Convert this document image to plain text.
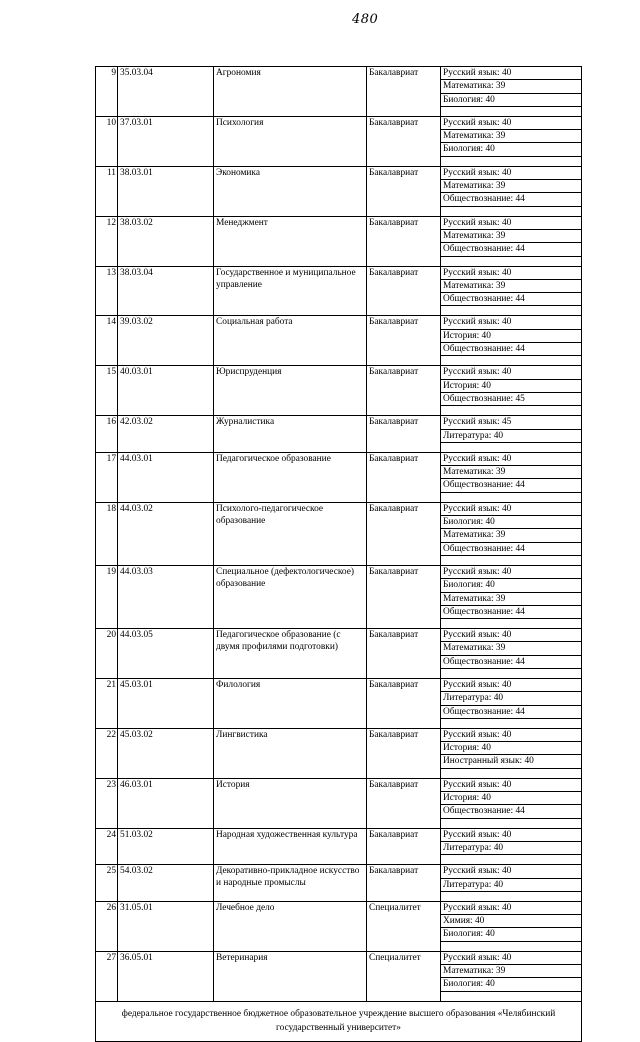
480
9	35.03.04	Агрономия	Бакалавриат	Русский язык: 40
				Математика: 39
				Биология: 40

10	37.03.01	Психология	Бакалавриат	Русский язык: 40
				Математика: 39
				Биология: 40

11	38.03.01	Экономика	Бакалавриат	Русский язык: 40
				Математика: 39
				Обществознание: 44

12	38.03.02	Менеджмент	Бакалавриат	Русский язык: 40
				Математика: 39
				Обществознание: 44

13	38.03.04	Государственное и муниципальное управление	Бакалавриат	Русский язык: 40
				Математика: 39
				Обществознание: 44

14	39.03.02	Социальная работа	Бакалавриат	Русский язык: 40
				История: 40
				Обществознание: 44

15	40.03.01	Юриспруденция	Бакалавриат	Русский язык: 40
				История: 40
				Обществознание: 45

16	42.03.02	Журналистика	Бакалавриат	Русский язык: 45
				Литература: 40

17	44.03.01	Педагогическое образование	Бакалавриат	Русский язык: 40
				Математика: 39
				Обществознание: 44

18	44.03.02	Психолого-педагогическое образование	Бакалавриат	Русский язык: 40
				Биология: 40
				Математика: 39
				Обществознание: 44

19	44.03.03	Специальное (дефектологическое) образование	Бакалавриат	Русский язык: 40
				Биология: 40
				Математика: 39
				Обществознание: 44

20	44.03.05	Педагогическое образование (с двумя профилями подготовки)	Бакалавриат	Русский язык: 40
				Математика: 39
				Обществознание: 44

21	45.03.01	Филология	Бакалавриат	Русский язык: 40
				Литература: 40
				Обществознание: 44

22	45.03.02	Лингвистика	Бакалавриат	Русский язык: 40
				История: 40
				Иностранный язык: 40

23	46.03.01	История	Бакалавриат	Русский язык: 40
				История: 40
				Обществознание: 44

24	51.03.02	Народная художественная культура	Бакалавриат	Русский язык: 40
				Литература: 40

25	54.03.02	Декоративно-прикладное искусство и народные промыслы	Бакалавриат	Русский язык: 40
				Литература: 40

26	31.05.01	Лечебное дело	Специалитет	Русский язык: 40
				Химия: 40
				Биология: 40

27	36.05.01	Ветеринария	Специалитет	Русский язык: 40
				Математика: 39
				Биология: 40

федеральное государственное бюджетное образовательное учреждение высшего образования «Челябинский государственный университет»				
